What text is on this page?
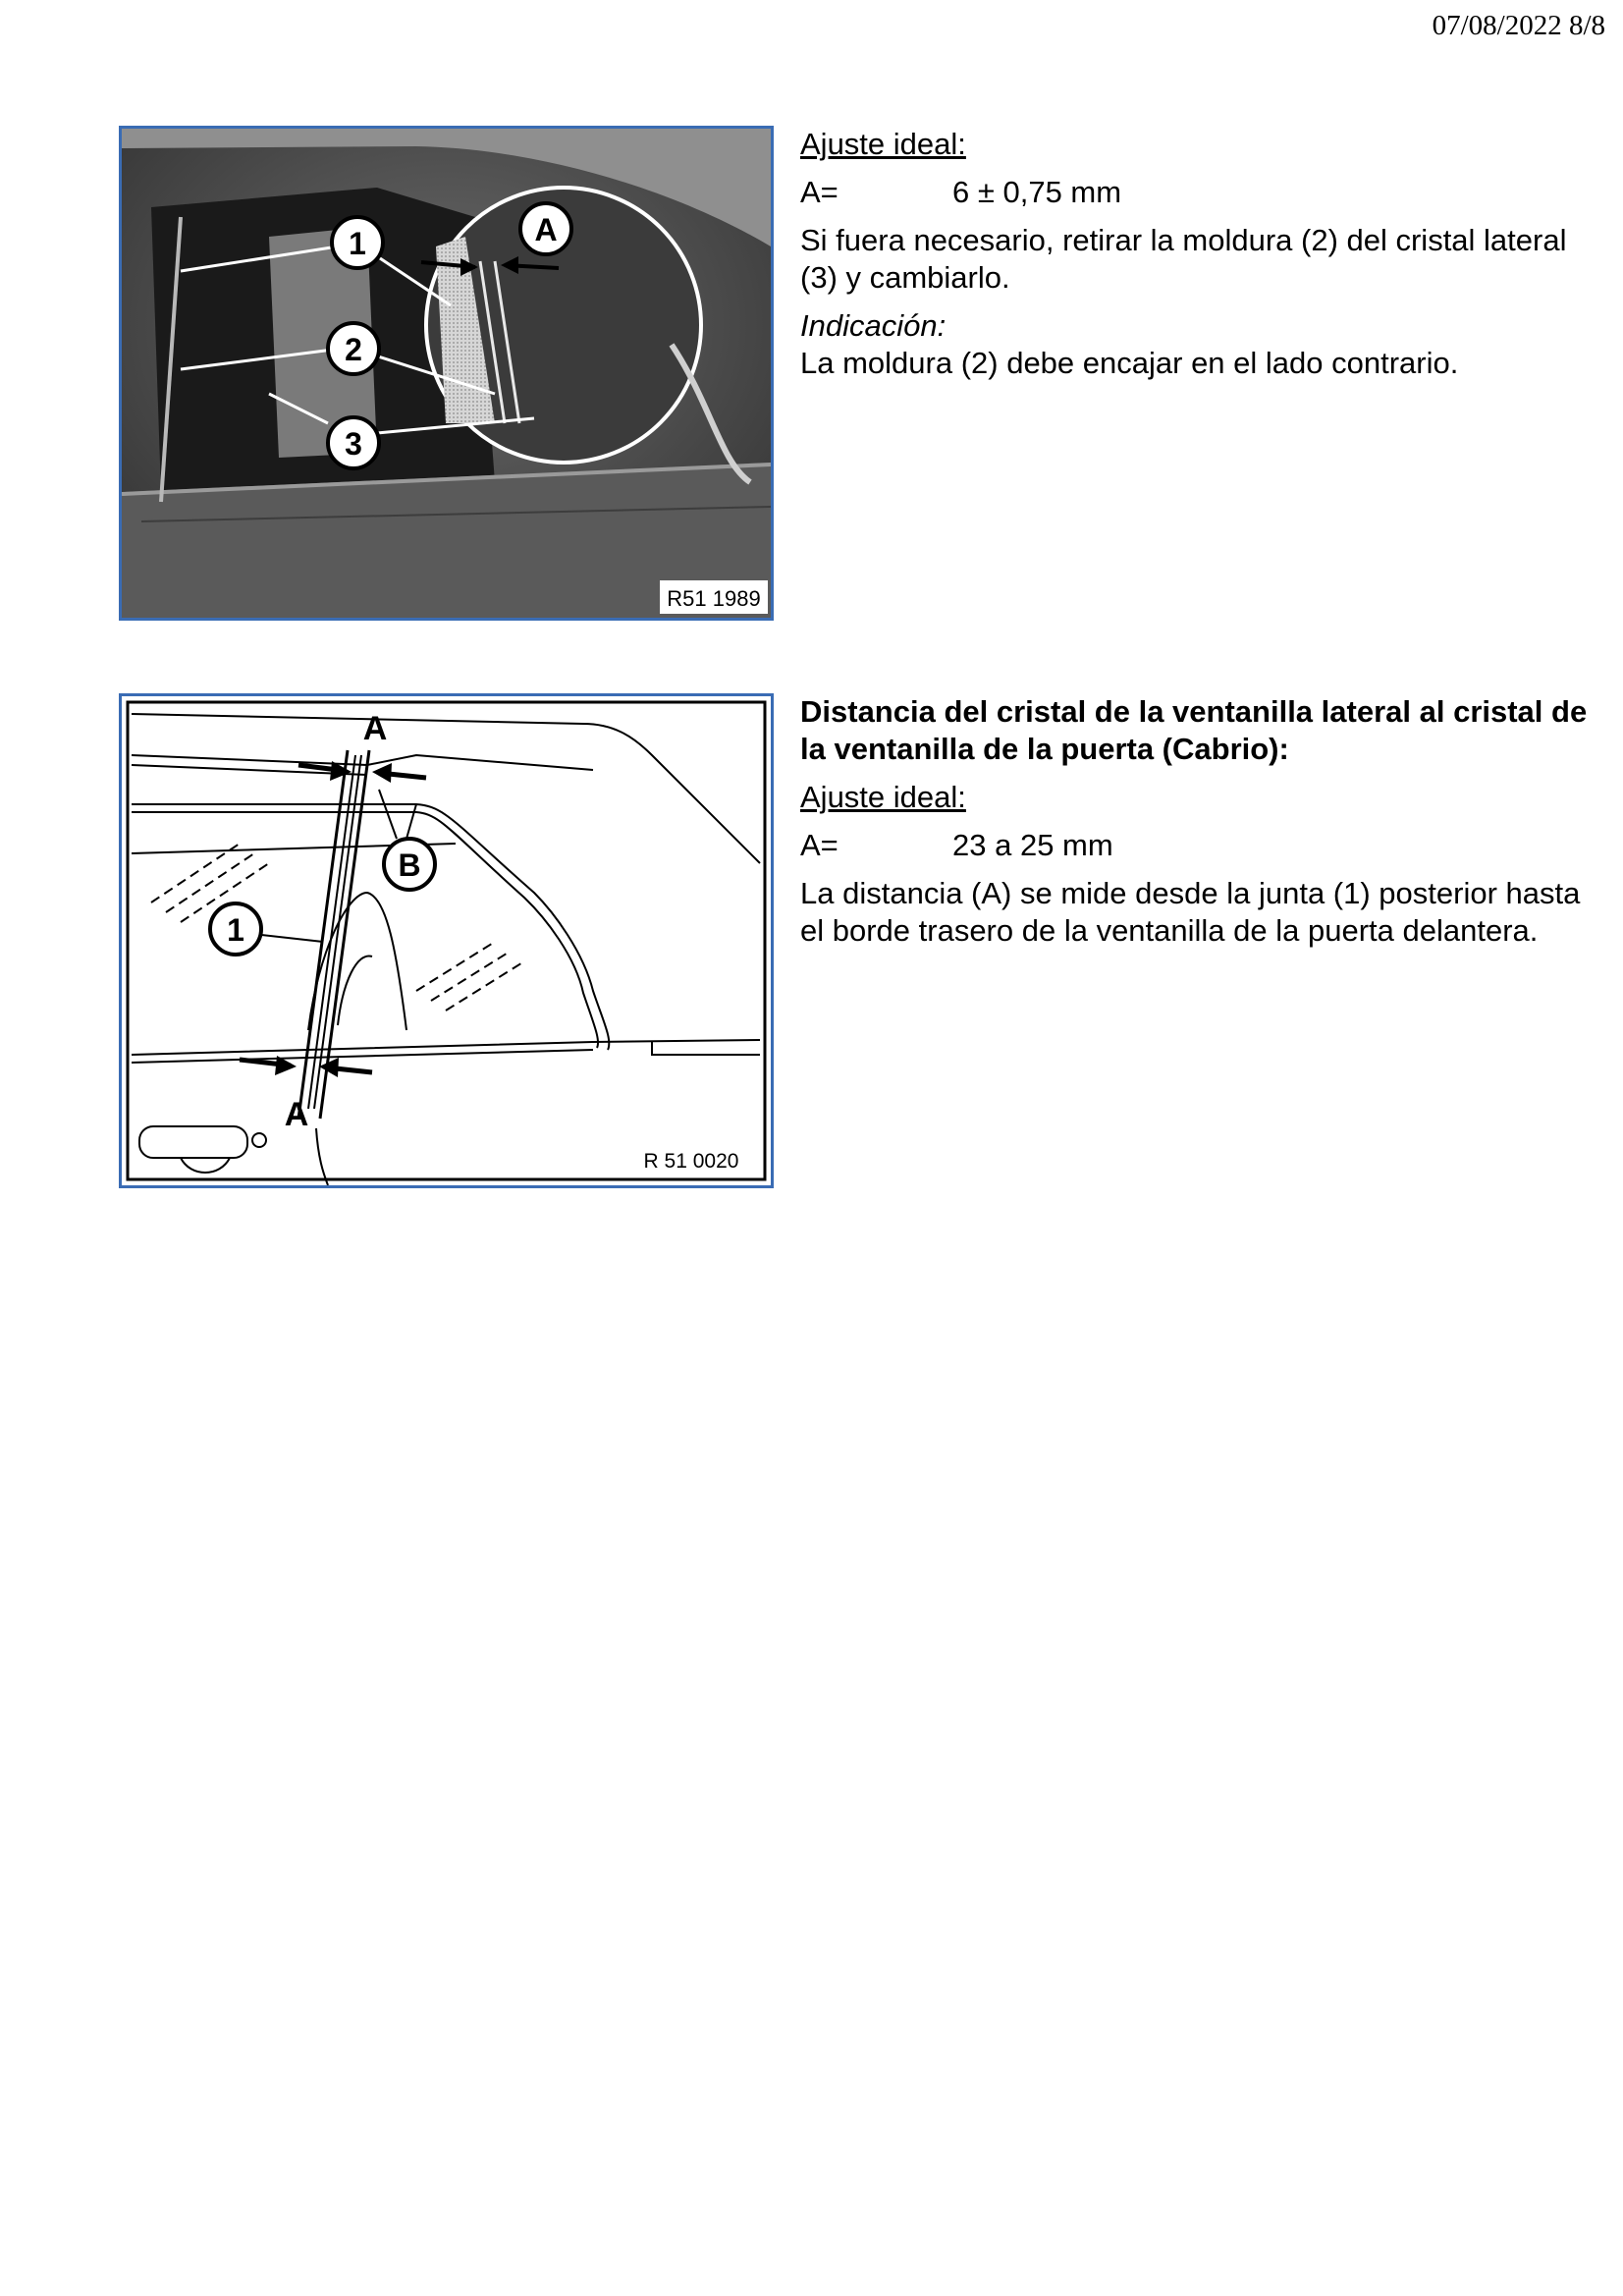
07/08/2022 8/8
1
2
3
A
R51 1989

Ajuste ideal:

A=	6 ± 0,75 mm

Si fuera necesario, retirar la moldura (2) del cristal lateral (3) y cambiarlo.

Indicación:

La moldura (2) debe encajar en el lado contrario.

A
A
B
1
R 51 0020

Distancia del cristal de la ventanilla lateral al cristal de la ventanilla de la puerta (Cabrio):

Ajuste ideal:

A=	23 a 25 mm

La distancia (A) se mide desde la junta (1) posterior hasta el borde trasero de la ventanilla de la puerta delantera.
